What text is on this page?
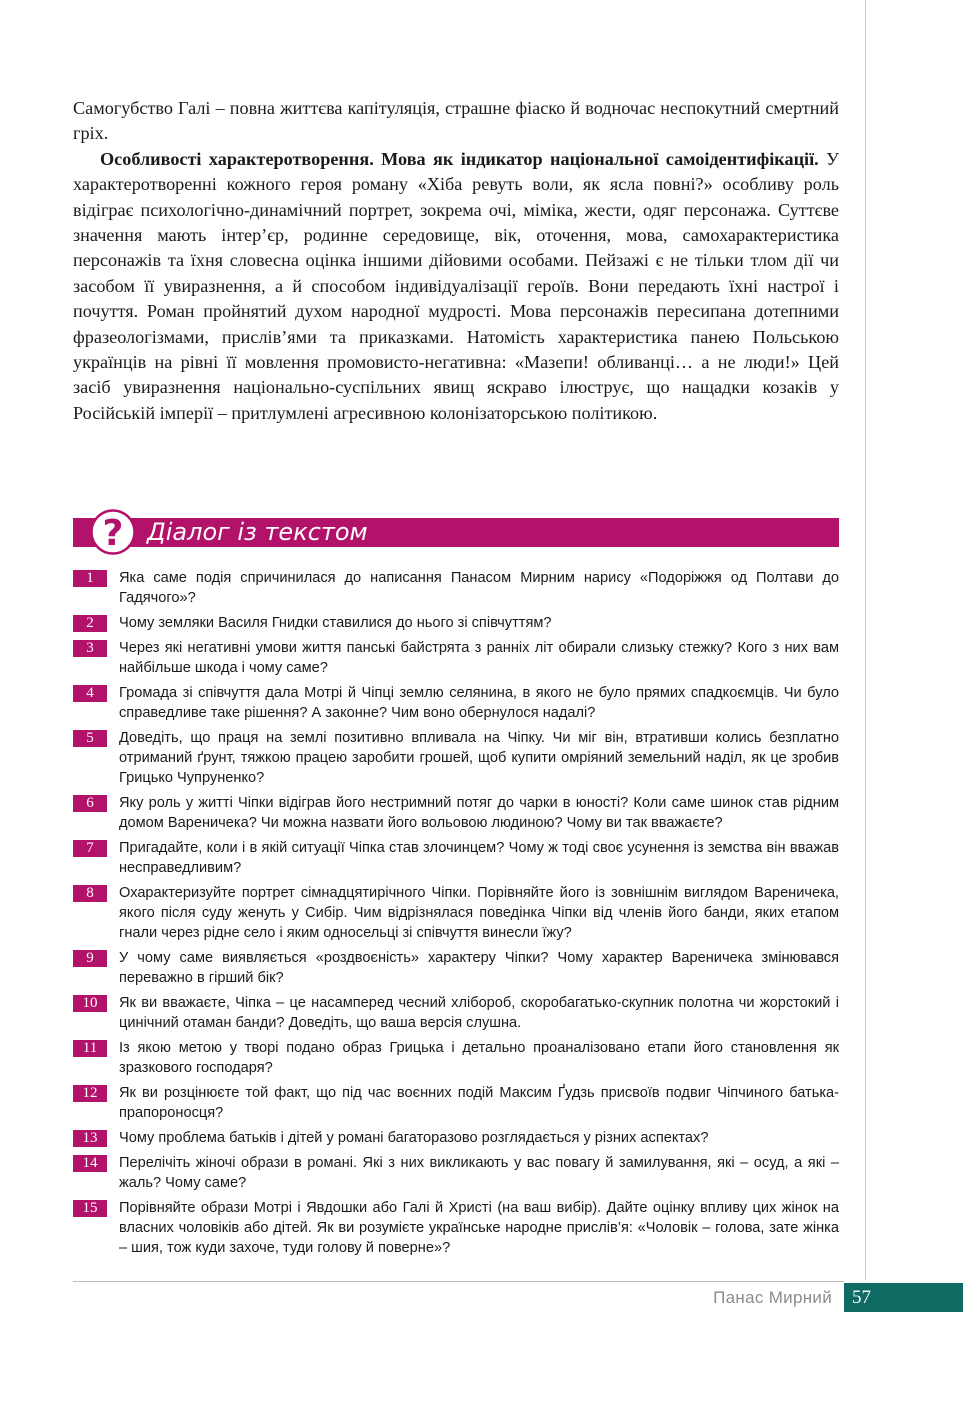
Самогубство Галі – повна життєва капітуляція, страшне фіаско й водночас неспокутний смертний гріх.

Особливості характеротворення. Мова як індикатор національної самоідентифікації. У характеротворенні кожного героя роману «Хіба ревуть воли, як ясла повні?» особливу роль відіграє психологічно-динамічний портрет, зокрема очі, міміка, жести, одяг персонажа. Суттєве значення мають інтер’єр, родинне середовище, вік, оточення, мова, самохарактеристика персонажів та їхня словесна оцінка іншими дійовими особами. Пейзажі є не тільки тлом дії чи засобом її увиразнення, а й способом індивідуалізації героїв. Вони передають їхні настрої і почуття. Роман пройнятий духом народної мудрості. Мова персонажів пересипана дотепними фразеологізмами, прислів’ями та приказками. Натомість характеристика панею Польською українців на рівні її мовлення промовисто-негативна: «Мазепи! обливанці… а не люди!» Цей засіб увиразнення національно-суспільних явищ яскраво ілюструє, що нащадки козаків у Російській імперії – притлумлені агресивною колонізаторською політикою.

? Діалог із текстом
1	Яка саме подія спричинилася до написання Панасом Мирним нарису «Подоріжжя од Полтави до Гадячого»?
2	Чому земляки Василя Гнидки ставилися до нього зі співчуттям?
3	Через які негативні умови життя панські байстрята з ранніх літ обирали слизьку стежку? Кого з них вам найбільше шкода і чому саме?
4	Громада зі співчуття дала Мотрі й Чіпці землю селянина, в якого не було прямих спадкоємців. Чи було справедливе таке рішення? А законне? Чим воно обернулося надалі?
5	Доведіть, що праця на землі позитивно впливала на Чіпку. Чи міг він, втративши колись безплатно отриманий ґрунт, тяжкою працею заробити грошей, щоб купити омріяний земельний наділ, як це зробив Грицько Чупруненко?
6	Яку роль у житті Чіпки відіграв його нестримний потяг до чарки в юності? Коли саме шинок став рідним домом Вареничека? Чи можна назвати його вольовою людиною? Чому ви так вважаєте?
7	Пригадайте, коли і в якій ситуації Чіпка став злочинцем? Чому ж тоді своє усунення із земства він вважав несправедливим?
8	Охарактеризуйте портрет сімнадцятирічного Чіпки. Порівняйте його із зовнішнім виглядом Вареничека, якого після суду женуть у Сибір. Чим відрізнялася поведінка Чіпки від членів його банди, яких етапом гнали через рідне село і яким односельці зі співчуття винесли їжу?
9	У чому саме виявляється «роздвоєність» характеру Чіпки? Чому характер Вареничека змінювався переважно в гірший бік?
10	Як ви вважаєте, Чіпка – це насамперед чесний хлібороб, скоробагатько-скупник полотна чи жорстокий і цинічний отаман банди? Доведіть, що ваша версія слушна.
11	Із якою метою у творі подано образ Грицька і детально проаналізовано етапи його становлення як зразкового господаря?
12	Як ви розцінюєте той факт, що під час воєнних подій Максим Ґудзь присвоїв подвиг Чіпчиного батька-прапороносця?
13	Чому проблема батьків і дітей у романі багаторазово розглядається у різних аспектах?
14	Перелічіть жіночі образи в романі. Які з них викликають у вас повагу й замилування, які – осуд, а які – жаль? Чому саме?
15	Порівняйте образи Мотрі і Явдошки або Галі й Христі (на ваш вибір). Дайте оцінку впливу цих жінок на власних чоловіків або дітей. Як ви розумієте українське народне прислів’я: «Чоловік – голова, зате жінка – шия, тож куди захоче, туди голову й поверне»?
Панас Мирний 57
